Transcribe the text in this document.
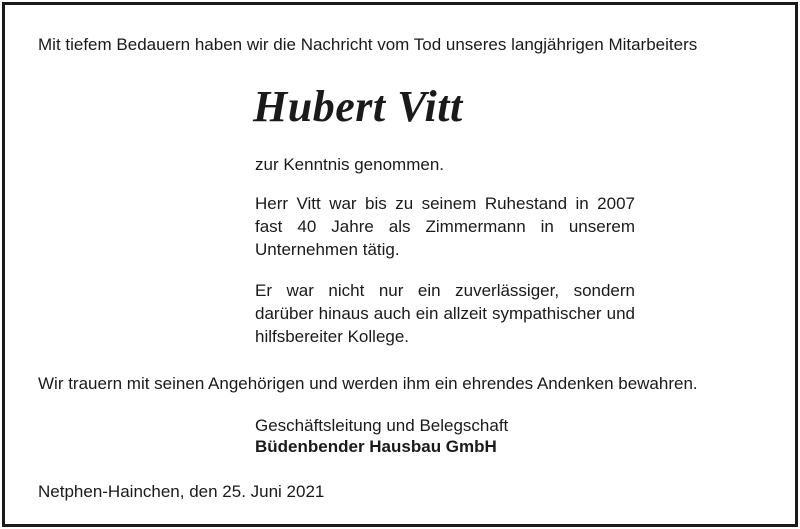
Mit tiefem Bedauern haben wir die Nachricht vom Tod unseres langjährigen Mitarbeiters

Hubert Vitt

zur Kenntnis genommen.

Herr Vitt war bis zu seinem Ruhestand in 2007 fast 40 Jahre als Zimmermann in unserem Unternehmen tätig.

Er war nicht nur ein zuverlässiger, sondern darüber hinaus auch ein allzeit sympathischer und hilfsbereiter Kollege.

Wir trauern mit seinen Angehörigen und werden ihm ein ehrendes Andenken bewahren.

Geschäftsleitung und Belegschaft
Büdenbender Hausbau GmbH

Netphen-Hainchen, den 25. Juni 2021
